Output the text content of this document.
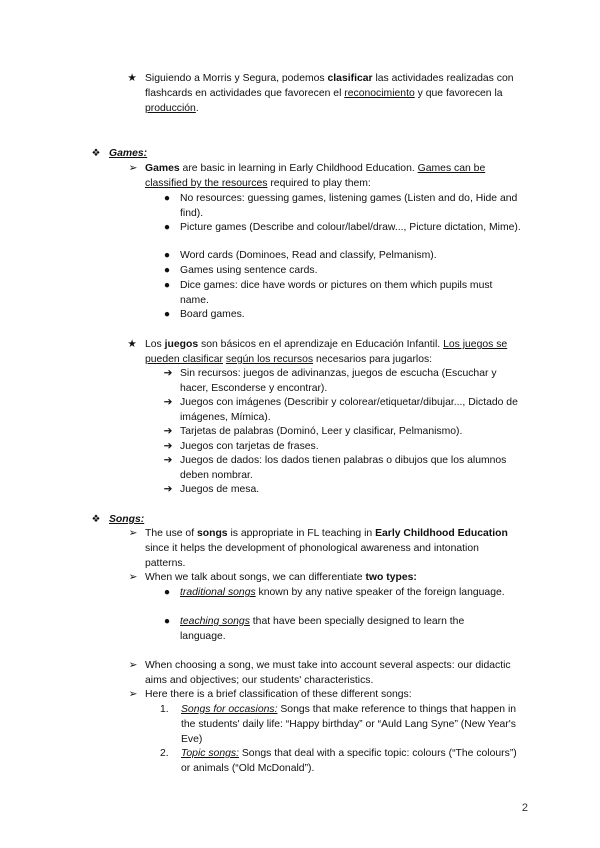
★ Siguiendo a Morris y Segura, podemos clasificar las actividades realizadas con flashcards en actividades que favorecen el reconocimiento y que favorecen la producción.
❖ Games:
➢ Games are basic in learning in Early Childhood Education. Games can be classified by the resources required to play them:
● No resources: guessing games, listening games (Listen and do, Hide and find).
● Picture games (Describe and colour/label/draw..., Picture dictation, Mime).
● Word cards (Dominoes, Read and classify, Pelmanism).
● Games using sentence cards.
● Dice games: dice have words or pictures on them which pupils must name.
● Board games.
★ Los juegos son básicos en el aprendizaje en Educación Infantil. Los juegos se pueden clasificar según los recursos necesarios para jugarlos:
➔ Sin recursos: juegos de adivinanzas, juegos de escucha (Escuchar y hacer, Esconderse y encontrar).
➔ Juegos con imágenes (Describir y colorear/etiquetar/dibujar..., Dictado de imágenes, Mímica).
➔ Tarjetas de palabras (Dominó, Leer y clasificar, Pelmanismo).
➔ Juegos con tarjetas de frases.
➔ Juegos de dados: los dados tienen palabras o dibujos que los alumnos deben nombrar.
➔ Juegos de mesa.
❖ Songs:
➢ The use of songs is appropriate in FL teaching in Early Childhood Education since it helps the development of phonological awareness and intonation patterns.
➢ When we talk about songs, we can differentiate two types:
● traditional songs known by any native speaker of the foreign language.
● teaching songs that have been specially designed to learn the language.
➢ When choosing a song, we must take into account several aspects: our didactic aims and objectives; our students' characteristics.
➢ Here there is a brief classification of these different songs:
1.	Songs for occasions: Songs that make reference to things that happen in the students' daily life: “Happy birthday” or “Auld Lang Syne” (New Year's Eve)
2.	Topic songs: Songs that deal with a specific topic: colours (“The colours”) or animals (“Old McDonald”).
2
